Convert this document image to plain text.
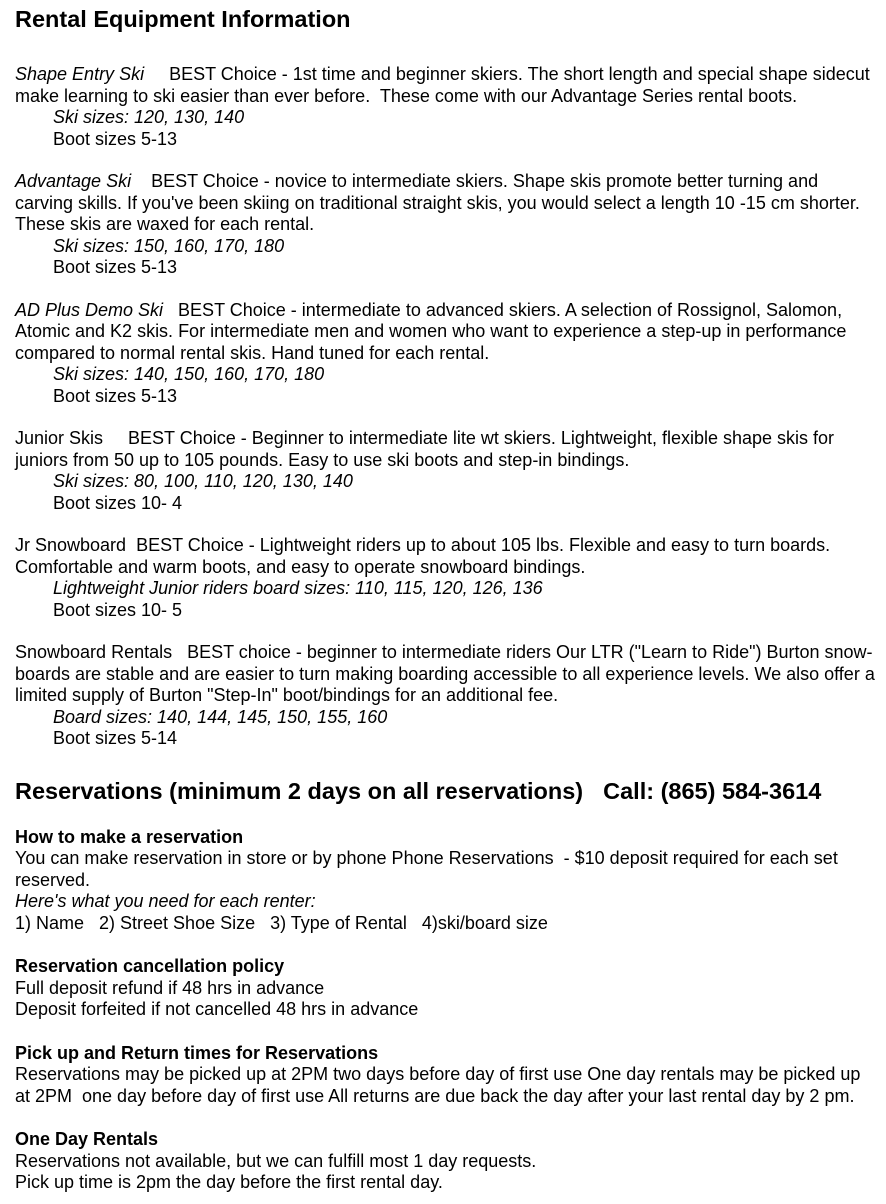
Rental Equipment Information

Shape Entry Ski     BEST Choice - 1st time and beginner skiers. The short length and special shape sidecut make learning to ski easier than ever before.  These come with our Advantage Series rental boots.

Ski sizes: 120, 130, 140

Boot sizes 5-13

Advantage Ski    BEST Choice - novice to intermediate skiers. Shape skis promote better turning and carving skills. If you've been skiing on traditional straight skis, you would select a length 10 -15 cm shorter. These skis are waxed for each rental.

Ski sizes: 150, 160, 170, 180

Boot sizes 5-13

AD Plus Demo Ski   BEST Choice - intermediate to advanced skiers. A selection of Rossignol, Salomon, Atomic and K2 skis. For intermediate men and women who want to experience a step-up in performance compared to normal rental skis. Hand tuned for each rental.

Ski sizes: 140, 150, 160, 170, 180

Boot sizes 5-13

Junior Skis     BEST Choice - Beginner to intermediate lite wt skiers. Lightweight, flexible shape skis for juniors from 50 up to 105 pounds. Easy to use ski boots and step-in bindings.

Ski sizes: 80, 100, 110, 120, 130, 140

Boot sizes 10- 4

Jr Snowboard  BEST Choice - Lightweight riders up to about 105 lbs. Flexible and easy to turn boards. Comfortable and warm boots, and easy to operate snowboard bindings.

Lightweight Junior riders board sizes: 110, 115, 120, 126, 136

Boot sizes 10- 5

Snowboard Rentals   BEST choice - beginner to intermediate riders Our LTR ("Learn to Ride") Burton snow-boards are stable and are easier to turn making boarding accessible to all experience levels. We also offer a limited supply of Burton "Step-In" boot/bindings for an additional fee.

Board sizes: 140, 144, 145, 150, 155, 160

Boot sizes 5-14

Reservations (minimum 2 days on all reservations) Call: (865) 584-3614

How to make a reservation

You can make reservation in store or by phone Phone Reservations  - $10 deposit required for each set reserved.

Here's what you need for each renter:

1) Name   2) Street Shoe Size   3) Type of Rental   4)ski/board size

Reservation cancellation policy

Full deposit refund if 48 hrs in advance

Deposit forfeited if not cancelled 48 hrs in advance

Pick up and Return times for Reservations

Reservations may be picked up at 2PM two days before day of first use One day rentals may be picked up at 2PM  one day before day of first use All returns are due back the day after your last rental day by 2 pm.

One Day Rentals

Reservations not available, but we can fulfill most 1 day requests.

Pick up time is 2pm the day before the first rental day.
